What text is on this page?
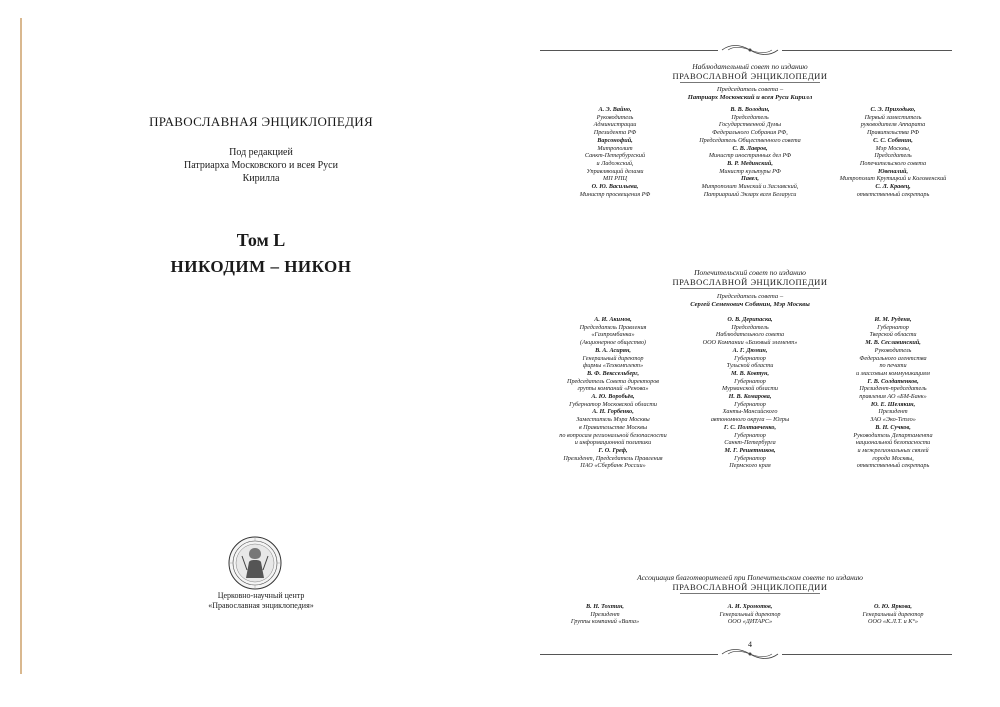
ПРАВОСЛАВНАЯ ЭНЦИКЛОПЕДИЯ
Под редакцией
Патриарха Московского и всея Руси
Кирилла
Том L
НИКОДИМ – НИКОН
Церковно-научный центр
«Православная энциклопедия»
Наблюдательный совет по изданию
ПРАВОСЛАВНОЙ ЭНЦИКЛОПЕДИИ
Председатель совета –
Патриарх Московский и всея Руси Кирилл
А. Э. Вайно,
Руководитель
Администрации
Президента РФ
Варсонофий,
Митрополит
Санкт-Петербургский
и Ладожский,
Управляющий делами
МП РПЦ
О. Ю. Васильева,
Министр просвещения РФ
В. В. Володин,
Председатель
Государственной Думы
Федерального Собрания РФ,
Председатель Общественного совета
С. В. Лавров,
Министр иностранных дел РФ
В. Р. Мединский,
Министр культуры РФ
Павел,
Митрополит Минский и Заславский,
Патриарший Экзарх всея Беларуси
С. Э. Приходько,
Первый заместитель
руководителя Аппарата
Правительства РФ
С. С. Собянин,
Мэр Москвы,
Председатель
Попечительского совета
Ювеналий,
Митрополит Крутицкий и Коломенский
С. Л. Кравец,
ответственный секретарь
Попечительский совет по изданию
ПРАВОСЛАВНОЙ ЭНЦИКЛОПЕДИИ
Председатель совета –
Сергей Семенович Собянин, Мэр Москвы
А. И. Акимов,
Председатель Правления
«Газпромбанка»
(Акционерное общество)
В. А. Асирян,
Генеральный директор
фирмы «Техкомплект»
В. Ф. Векссельберг,
Председатель Совета директоров
группы компаний «Ренова»
А. Ю. Воробьёв,
Губернатор Московской области
А. Н. Горбенко,
Заместитель Мэра Москвы
в Правительстве Москвы
по вопросам региональной безопасности
и информационной политики
Г. О. Греф,
Президент, Председатель Правления
ПАО «Сбербанк России»
О. В. Дерипаска,
Председатель
Наблюдательного совета
ООО Компании «Базовый элемент»
А. Г. Дюмин,
Губернатор
Тульской области
М. В. Ковтун,
Губернатор
Мурманской области
Н. В. Комарова,
Губернатор
Ханты-Мансийского
автономного округа — Югры
Г. С. Полтавченко,
Губернатор
Санкт-Петербурга
М. Г. Решетников,
Губернатор
Пермского края
И. М. Руденя,
Губернатор
Тверской области
М. В. Сеславинский,
Руководитель
Федерального агентства
по печати
и массовым коммуникациям
Г. В. Солдатенков,
Президент-председатель
правления АО «БМ-Банк»
Ю. Е. Шелякин,
Президент
ЗАО «Эко-Тепло»
В. Н. Сучков,
Руководитель Департамента
национальной безопасности
и межрегиональных связей
города Москвы,
ответственный секретарь
Ассоциация благотворителей при Попечительском совете по изданию
ПРАВОСЛАВНОЙ ЭНЦИКЛОПЕДИИ
В. Н. Тохтин,
Президент
Группы компаний «Вита»
А. И. Хромотов,
Генеральный директор
ООО «ДИТАРС»
О. Ю. Яркова,
Генеральный директор
ООО «К.Л.Т. и К°»
4
